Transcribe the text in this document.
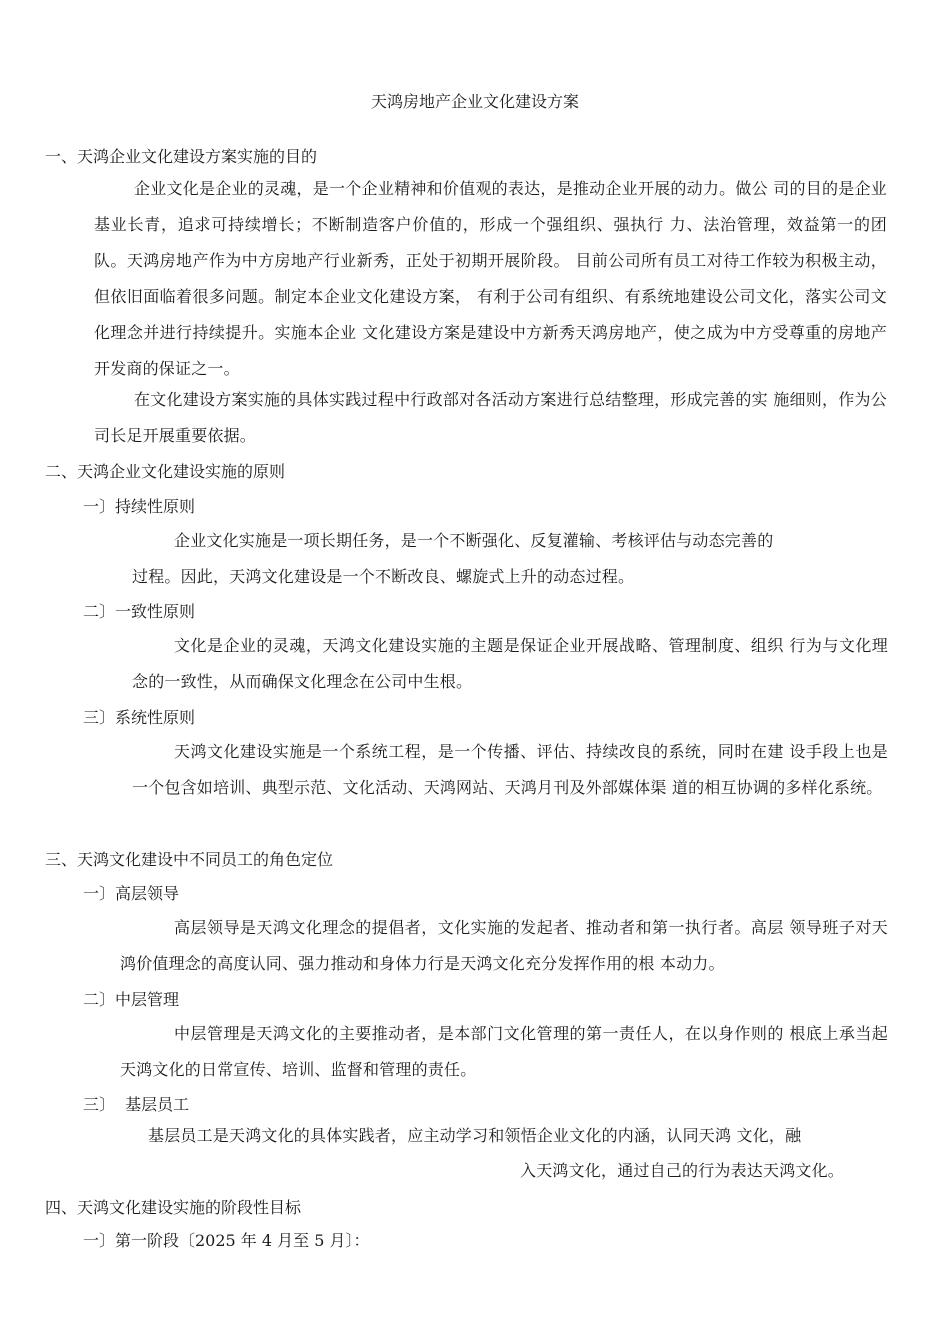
天鸿房地产企业文化建设方案
一、天鸿企业文化建设方案实施的目的
企业文化是企业的灵魂，是一个企业精神和价值观的表达，是推动企业开展的动力。做公 司的目的是企业基业长青，追求可持续增长；不断制造客户价值的，形成一个强组织、强执行 力、法治管理，效益第一的团队。天鸿房地产作为中方房地产行业新秀，正处于初期开展阶段。 目前公司所有员工对待工作较为积极主动，但依旧面临着很多问题。制定本企业文化建设方案， 有利于公司有组织、有系统地建设公司文化，落实公司文化理念并进行持续提升。实施本企业 文化建设方案是建设中方新秀天鸿房地产，使之成为中方受尊重的房地产开发商的保证之一。
在文化建设方案实施的具体实践过程中行政部对各活动方案进行总结整理，形成完善的实 施细则，作为公司长足开展重要依据。
二、天鸿企业文化建设实施的原则
一〕持续性原则
企业文化实施是一项长期任务，是一个不断强化、反复灌输、考核评估与动态完善的
过程。因此，天鸿文化建设是一个不断改良、螺旋式上升的动态过程。
二〕一致性原则
文化是企业的灵魂，天鸿文化建设实施的主题是保证企业开展战略、管理制度、组织 行为与文化理念的一致性，从而确保文化理念在公司中生根。
三〕系统性原则
天鸿文化建设实施是一个系统工程，是一个传播、评估、持续改良的系统，同时在建 设手段上也是一个包含如培训、典型示范、文化活动、天鸿网站、天鸿月刊及外部媒体渠 道的相互协调的多样化系统。
三、天鸿文化建设中不同员工的角色定位
一〕高层领导
高层领导是天鸿文化理念的提倡者，文化实施的发起者、推动者和第一执行者。高层 领导班子对天鸿价值理念的高度认同、强力推动和身体力行是天鸿文化充分发挥作用的根 本动力。
二〕中层管理
中层管理是天鸿文化的主要推动者，是本部门文化管理的第一责任人，在以身作则的 根底上承当起天鸿文化的日常宣传、培训、监督和管理的责任。
三〕  基层员工
基层员工是天鸿文化的具体实践者，应主动学习和领悟企业文化的内涵，认同天鸿 文化，融
入天鸿文化，通过自己的行为表达天鸿文化。
四、天鸿文化建设实施的阶段性目标
一〕第一阶段〔2025 年 4 月至 5 月〕：
